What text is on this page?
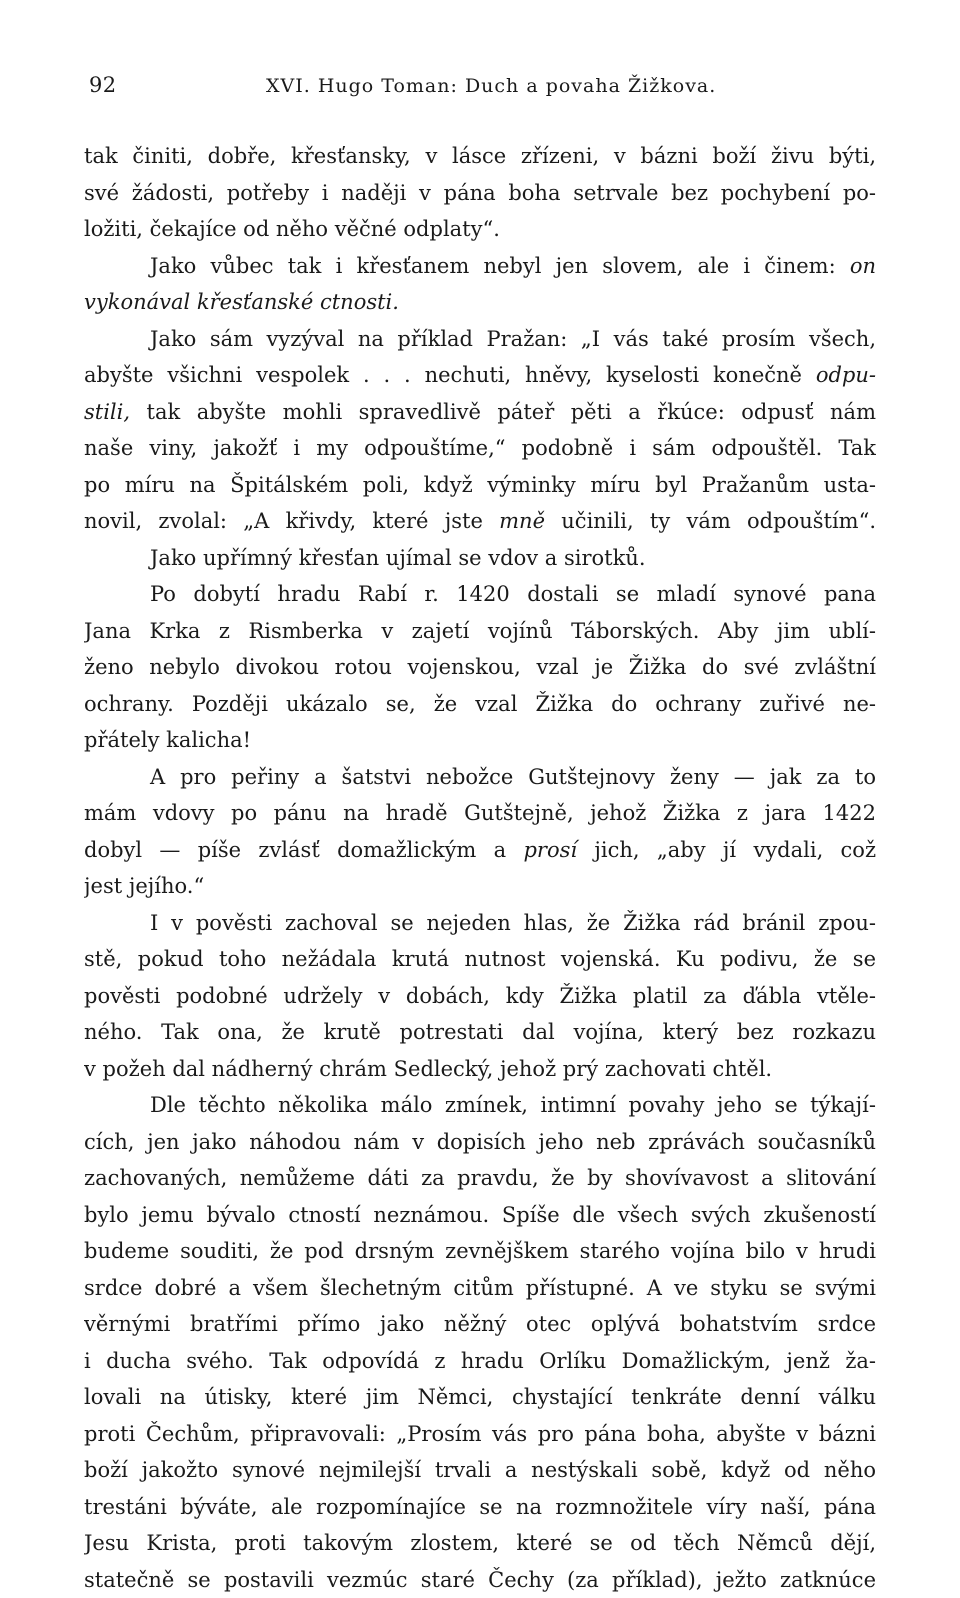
92	XVI. Hugo Toman: Duch a povaha Žižkova.
tak činiti, dobře, křesťansky, v lásce zřízeni, v bázni boží živu býti,
své žádosti, potřeby i naději v pána boha setrvale bez pochybení po-
ložiti, čekajíce od něho věčné odplaty“.
Jako vůbec tak i křesťanem nebyl jen slovem, ale i činem: on
vykonával křesťanské ctnosti.
Jako sám vyzýval na příklad Pražan: „I vás také prosím všech,
abyšte všichni vespolek . . . nechuti, hněvy, kyselosti konečně odpu-
stili, tak abyšte mohli spravedlivě páteř pěti a řkúce: odpusť nám
naše viny, jakožť i my odpouštíme,“ podobně i sám odpouštěl. Tak
po míru na Špitálském poli, když výminky míru byl Pražanům usta-
novil, zvolal: „A křivdy, které jste mně učinili, ty vám odpouštím“.
Jako upřímný křesťan ujímal se vdov a sirotků.
Po dobytí hradu Rabí r. 1420 dostali se mladí synové pana
Jana Krka z Rismberka v zajetí vojínů Táborských. Aby jim ublí-
ženo nebylo divokou rotou vojenskou, vzal je Žižka do své zvláštní
ochrany. Později ukázalo se, že vzal Žižka do ochrany zuřivé ne-
přátely kalicha!
A pro peřiny a šatstvi nebožce Gutštejnovy ženy — jak za to
mám vdovy po pánu na hradě Gutštejně, jehož Žižka z jara 1422
dobyl — píše zvlásť domažlickým a prosí jich, „aby jí vydali, což
jest jejího.“
I v pověsti zachoval se nejeden hlas, že Žižka rád bránil zpou-
stě, pokud toho nežádala krutá nutnost vojenská. Ku podivu, že se
pověsti podobné udržely v dobách, kdy Žižka platil za ďábla vtěle-
ného. Tak ona, že krutě potrestati dal vojína, který bez rozkazu
v požeh dal nádherný chrám Sedlecký, jehož prý zachovati chtěl.
Dle těchto několika málo zmínek, intimní povahy jeho se týkají-
cích, jen jako náhodou nám v dopisích jeho neb zprávách současníků
zachovaných, nemůžeme dáti za pravdu, že by shovívavost a slitování
bylo jemu bývalo ctností neznámou. Spíše dle všech svých zkušeností
budeme souditi, že pod drsným zevnějškem starého vojína bilo v hrudi
srdce dobré a všem šlechetným citům přístupné. A ve styku se svými
věrnými bratřími přímo jako něžný otec oplývá bohatstvím srdce
i ducha svého. Tak odpovídá z hradu Orlíku Domažlickým, jenž ža-
lovali na útisky, které jim Němci, chystající tenkráte denní válku
proti Čechům, připravovali: „Prosím vás pro pána boha, abyšte v bázni
boží jakožto synové nejmilejší trvali a nestýskali sobě, když od něho
trestáni býváte, ale rozpomínajíce se na rozmnožitele víry naší, pána
Jesu Krista, proti takovým zlostem, které se od těch Němců dějí,
statečně se postavili vezmúc staré Čechy (za příklad), ježto zatknúce
